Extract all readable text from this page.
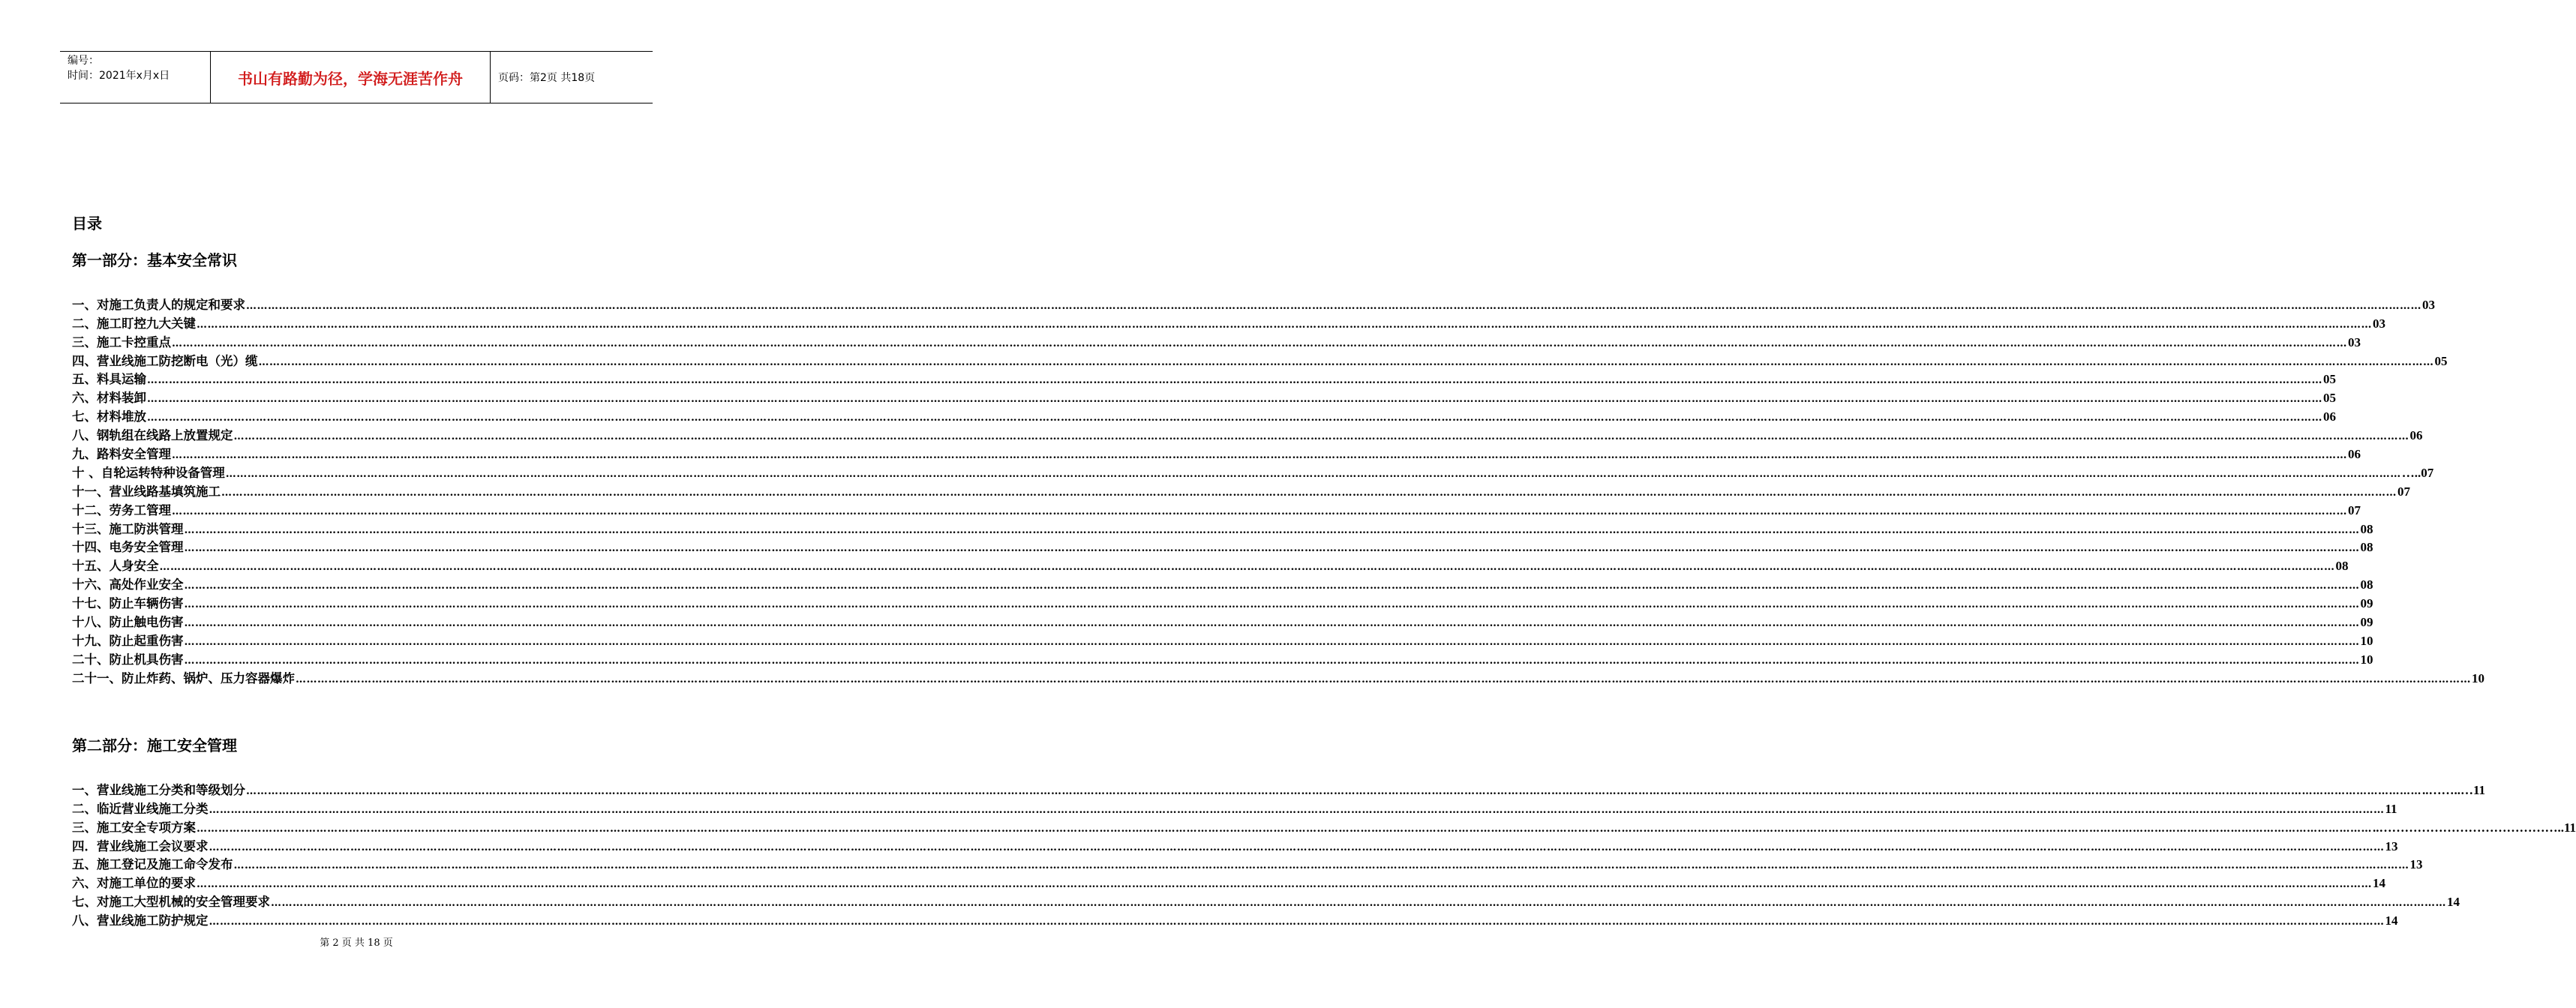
编号：
时间：2021年x月x日	书山有路勤为径，学海无涯苦作舟	页码：第2页 共18页
目录
第一部分：基本安全常识
一、对施工负责人的规定和要求 …………………………………………………………………………………………………………………………………………………………………………………………………………………………………………………………………………………………………………………………………………………………………………………………………………………………………………………………………………………………………………………………………………………… 03
二、施工盯控九大关键 …………………………………………………………………………………………………………………………………………………………………………………………………………………………………………………………………………………………………………………………………………………………………………………………………………………………………………………………………………………………………………………………………………………… 03
三、施工卡控重点 …………………………………………………………………………………………………………………………………………………………………………………………………………………………………………………………………………………………………………………………………………………………………………………………………………………………………………………………………………………………………………………………………………………… 03
四、营业线施工防挖断电（光）缆 …………………………………………………………………………………………………………………………………………………………………………………………………………………………………………………………………………………………………………………………………………………………………………………………………………………………………………………………………………………………………………………………………………………… 05
五、料具运输 …………………………………………………………………………………………………………………………………………………………………………………………………………………………………………………………………………………………………………………………………………………………………………………………………………………………………………………………………………………………………………………………………………………… 05
六、材料装卸 …………………………………………………………………………………………………………………………………………………………………………………………………………………………………………………………………………………………………………………………………………………………………………………………………………………………………………………………………………………………………………………………………………………… 05
七、材料堆放 …………………………………………………………………………………………………………………………………………………………………………………………………………………………………………………………………………………………………………………………………………………………………………………………………………………………………………………………………………………………………………………………………………………… 06
八、钢轨组在线路上放置规定 …………………………………………………………………………………………………………………………………………………………………………………………………………………………………………………………………………………………………………………………………………………………………………………………………………………………………………………………………………………………………………………………………………………… 06
九、路料安全管理 …………………………………………………………………………………………………………………………………………………………………………………………………………………………………………………………………………………………………………………………………………………………………………………………………………………………………………………………………………………………………………………………………………………… 06
十 、自轮运转特种设备管理 …………………………………………………………………………………………………………………………………………………………………………………………………………………………………………………………………………………………………………………………………………………………………………………………………………………………………………………………………………………………………………………………………………………… …..07
十一、营业线路基填筑施工 …………………………………………………………………………………………………………………………………………………………………………………………………………………………………………………………………………………………………………………………………………………………………………………………………………………………………………………………………………………………………………………………………………………… 07
十二、劳务工管理 …………………………………………………………………………………………………………………………………………………………………………………………………………………………………………………………………………………………………………………………………………………………………………………………………………………………………………………………………………………………………………………………………………………… 07
十三、施工防洪管理 …………………………………………………………………………………………………………………………………………………………………………………………………………………………………………………………………………………………………………………………………………………………………………………………………………………………………………………………………………………………………………………………………………………… 08
十四、电务安全管理 …………………………………………………………………………………………………………………………………………………………………………………………………………………………………………………………………………………………………………………………………………………………………………………………………………………………………………………………………………………………………………………………………………………… 08
十五、人身安全 …………………………………………………………………………………………………………………………………………………………………………………………………………………………………………………………………………………………………………………………………………………………………………………………………………………………………………………………………………………………………………………………………………………… 08
十六、高处作业安全 …………………………………………………………………………………………………………………………………………………………………………………………………………………………………………………………………………………………………………………………………………………………………………………………………………………………………………………………………………………………………………………………………………………… 08
十七、防止车辆伤害 …………………………………………………………………………………………………………………………………………………………………………………………………………………………………………………………………………………………………………………………………………………………………………………………………………………………………………………………………………………………………………………………………………………… 09
十八、防止触电伤害 …………………………………………………………………………………………………………………………………………………………………………………………………………………………………………………………………………………………………………………………………………………………………………………………………………………………………………………………………………………………………………………………………………………… 09
十九、防止起重伤害 …………………………………………………………………………………………………………………………………………………………………………………………………………………………………………………………………………………………………………………………………………………………………………………………………………………………………………………………………………………………………………………………………………………… 10
二十、防止机具伤害 …………………………………………………………………………………………………………………………………………………………………………………………………………………………………………………………………………………………………………………………………………………………………………………………………………………………………………………………………………………………………………………………………………………… 10
二十一、防止炸药、锅炉、压力容器爆炸 …………………………………………………………………………………………………………………………………………………………………………………………………………………………………………………………………………………………………………………………………………………………………………………………………………………………………………………………………………………………………………………………………………………… 10
第二部分：施工安全管理
一、营业线施工分类和等级划分 …………………………………………………………………………………………………………………………………………………………………………………………………………………………………………………………………………………………………………………………………………………………………………………………………………………………………………………………………………………………………………………………………………………… ..……..…11
二、临近营业线施工分类 …………………………………………………………………………………………………………………………………………………………………………………………………………………………………………………………………………………………………………………………………………………………………………………………………………………………………………………………………………………………………………………………………………………… 11
三、施工安全专项方案 …………………………………………………………………………………………………………………………………………………………………………………………………………………………………………………………………………………………………………………………………………………………………………………………………………………………………………………………………………………………………………………………………………………… ..……………………………………..11
四．营业线施工会议要求 …………………………………………………………………………………………………………………………………………………………………………………………………………………………………………………………………………………………………………………………………………………………………………………………………………………………………………………………………………………………………………………………………………………… 13
五、施工登记及施工命令发布 …………………………………………………………………………………………………………………………………………………………………………………………………………………………………………………………………………………………………………………………………………………………………………………………………………………………………………………………………………………………………………………………………………………… 13
六、对施工单位的要求 …………………………………………………………………………………………………………………………………………………………………………………………………………………………………………………………………………………………………………………………………………………………………………………………………………………………………………………………………………………………………………………………………………………… 14
七、对施工大型机械的安全管理要求 …………………………………………………………………………………………………………………………………………………………………………………………………………………………………………………………………………………………………………………………………………………………………………………………………………………………………………………………………………………………………………………………………………………… 14
八、营业线施工防护规定 …………………………………………………………………………………………………………………………………………………………………………………………………………………………………………………………………………………………………………………………………………………………………………………………………………………………………………………………………………………………………………………………………………………… 14
第 2 页 共 18 页
